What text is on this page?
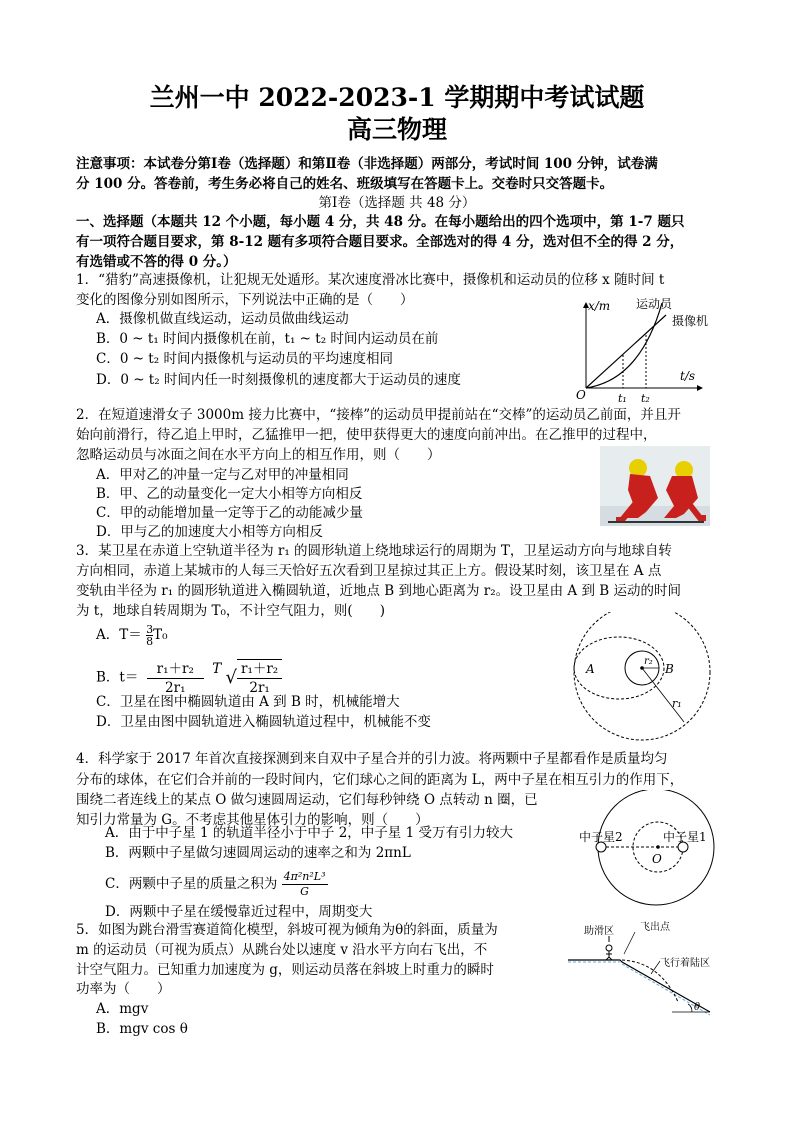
兰州一中 2022-2023-1 学期期中考试试题
高三物理
注意事项：本试卷分第Ⅰ卷（选择题）和第Ⅱ卷（非选择题）两部分，考试时间 100 分钟，试卷满
分 100 分。答卷前，考生务必将自己的姓名、班级填写在答题卡上。交卷时只交答题卡。
第Ⅰ卷（选择题 共 48 分）
一、选择题（本题共 12 个小题，每小题 4 分，共 48 分。在每小题给出的四个选项中，第 1-7 题只
有一项符合题目要求，第 8-12 题有多项符合题目要求。全部选对的得 4 分，选对但不全的得 2 分，
有选错或不答的得 0 分。）
1．“猎豹”高速摄像机，让犯规无处遁形。某次速度滑冰比赛中，摄像机和运动员的位移 x 随时间 t
变化的图像分别如图所示，下列说法中正确的是（　　）
A．摄像机做直线运动，运动员做曲线运动
B．0 ~ t₁ 时间内摄像机在前，t₁ ~ t₂ 时间内运动员在前
C．0 ~ t₂ 时间内摄像机与运动员的平均速度相同
D．0 ~ t₂ 时间内任一时刻摄像机的速度都大于运动员的速度
x/m
t/s
O	t₁ t₂
运动员
摄像机
2．在短道速滑女子 3000m 接力比赛中，“接棒”的运动员甲提前站在“交棒”的运动员乙前面，并且开
始向前滑行，待乙追上甲时，乙猛推甲一把，使甲获得更大的速度向前冲出。在乙推甲的过程中，
忽略运动员与冰面之间在水平方向上的相互作用，则（　　）
A．甲对乙的冲量一定与乙对甲的冲量相同
B．甲、乙的动量变化一定大小相等方向相反
C．甲的动能增加量一定等于乙的动能减少量
D．甲与乙的加速度大小相等方向相反
3．某卫星在赤道上空轨道半径为 r₁ 的圆形轨道上绕地球运行的周期为 T，卫星运动方向与地球自转
方向相同，赤道上某城市的人每三天恰好五次看到卫星掠过其正上方。假设某时刻，该卫星在 A 点
变轨由半径为 r₁ 的圆形轨道进入椭圆轨道，近地点 B 到地心距离为 r₂。设卫星由 A 到 B 运动的时间
为 t，地球自转周期为 T₀，不计空气阻力，则(　　)
A．$T= \frac{3}{8} T_0$
B．$t= \frac{\text{r₁＋r₂}}{\text{2r₁}}$ T √ $\frac{\text{r₁＋r₂}}{\text{2r₁}}$
C．卫星在图中椭圆轨道由 A 到 B 时，机械能增大
D．卫星由图中圆轨道进入椭圆轨道过程中，机械能不变
r₂
r₁
A	B
4．科学家于 2017 年首次直接探测到来自双中子星合并的引力波。将两颗中子星都看作是质量均匀
分布的球体，在它们合并前的一段时间内，它们球心之间的距离为 L，两中子星在相互引力的作用下，
围绕二者连线上的某点 O 做匀速圆周运动，它们每秒钟绕 O 点转动 n 圈，已
知引力常量为 G。不考虑其他星体引力的影响，则（　　）
A．由于中子星 1 的轨道半径小于中子 2，中子星 1 受万有引力较大
B．两颗中子星做匀速圆周运动的速率之和为 2πnL
C．两颗中子星的质量之积为 $\frac{\text{4π²n²L³}}{G}$
D．两颗中子星在缓慢靠近过程中，周期变大
中子星2	中子星1
O
5．如图为跳台滑雪赛道简化模型，斜坡可视为倾角为θ的斜面，质量为
m 的运动员（可视为质点）从跳台处以速度 v 沿水平方向右飞出，不
计空气阻力。已知重力加速度为 g，则运动员落在斜坡上时重力的瞬时
功率为（　　）
A．mgv
B．mgv cos θ
助滑区	飞出点
飞行着陆区
θ
